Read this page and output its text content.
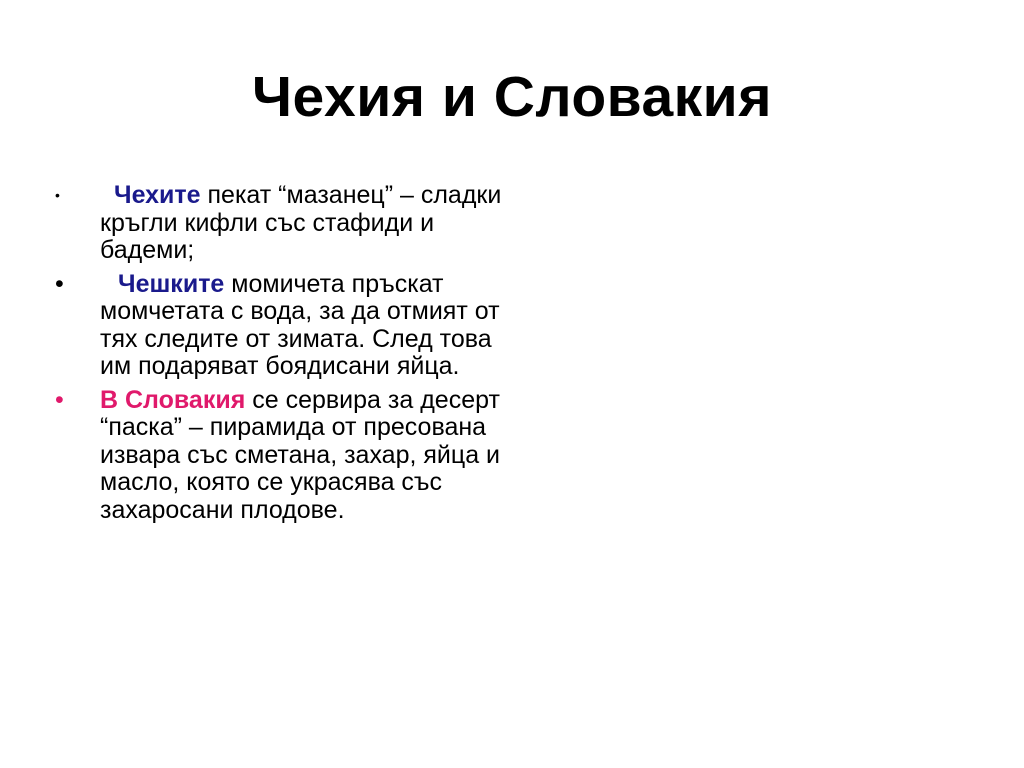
Чехия и Словакия
•	Чехите пекат “мазанец” – сладки кръгли кифли със стафиди и бадеми;
•	Чешките момичета пръскат момчетата с вода, за да отмият от тях следите от зимата. След това им подаряват боядисани яйца.
•	В Словакия се сервира за десерт “паска” – пирамида от пресована извара със сметана, захар, яйца и масло, която се украсява със захаросани плодове.
